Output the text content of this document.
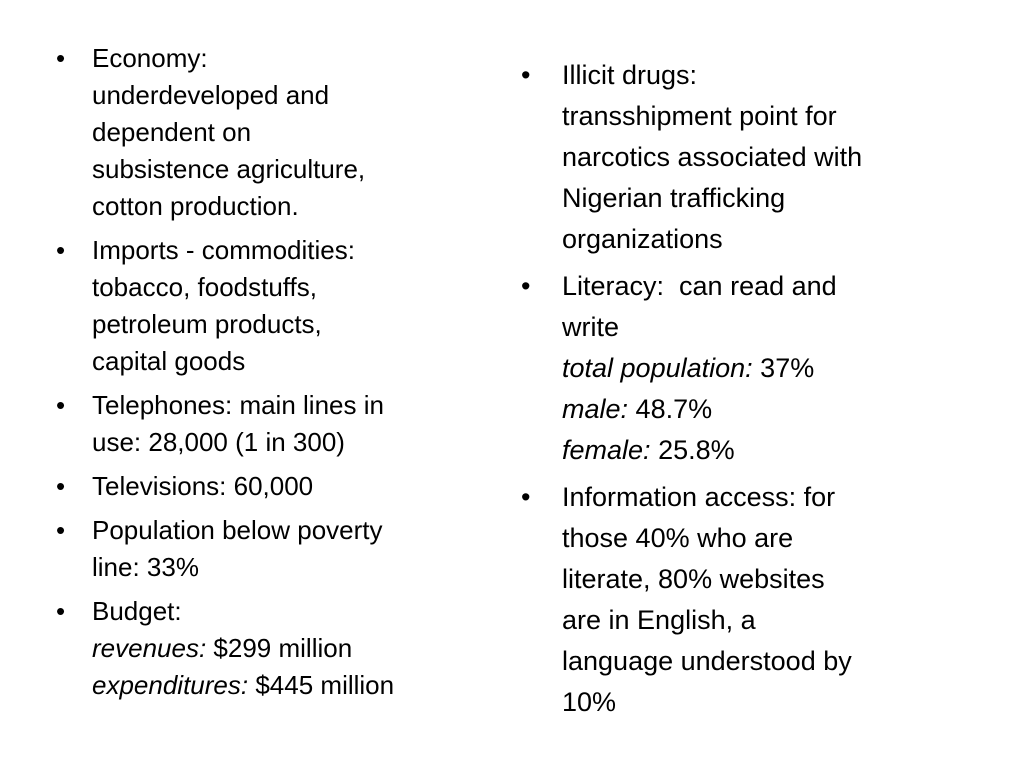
• Economy:
underdeveloped and
dependent on
subsistence agriculture,
cotton production.
• Imports - commodities:
tobacco, foodstuffs,
petroleum products,
capital goods
• Telephones: main lines in
use: 28,000 (1 in 300)
• Televisions: 60,000
• Population below poverty
line: 33%
• Budget:
revenues: $299 million
expenditures: $445 million
• Illicit drugs:
transshipment point for
narcotics associated with
Nigerian trafficking
organizations
• Literacy:  can read and
write
total population: 37%
male: 48.7%
female: 25.8%
• Information access: for
those 40% who are
literate, 80% websites
are in English, a
language understood by
10%
